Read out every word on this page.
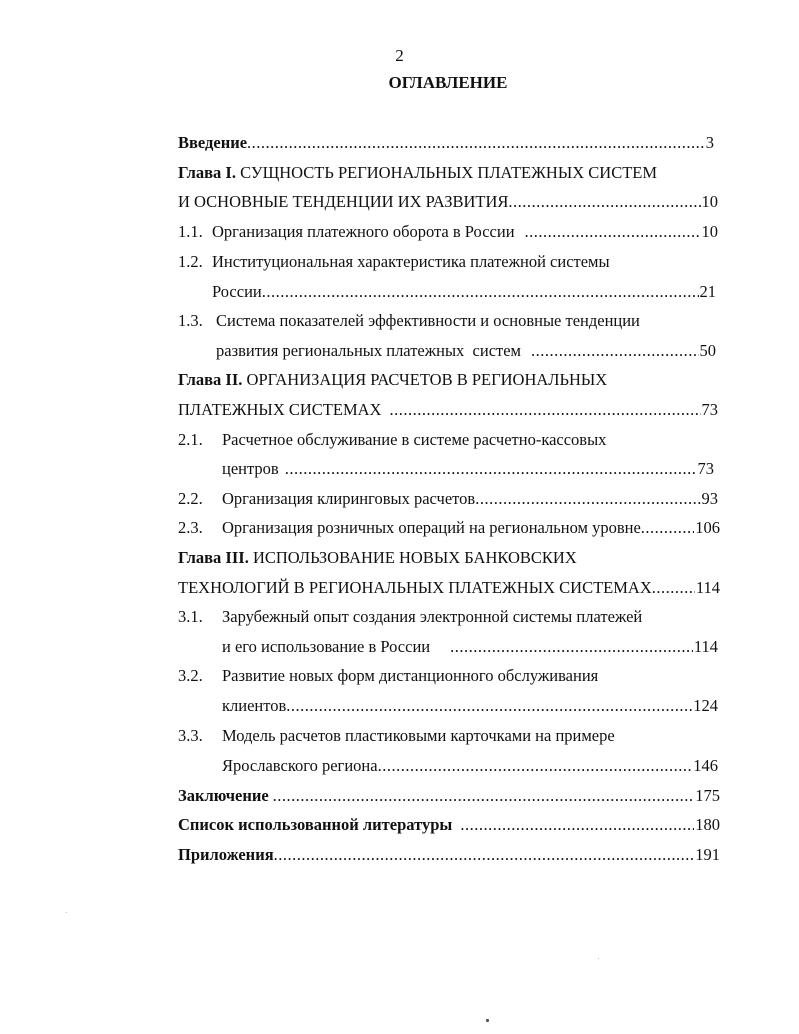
2
ОГЛАВЛЕНИЕ
Введение .....	3
Глава I. СУЩНОСТЬ РЕГИОНАЛЬНЫХ ПЛАТЕЖНЫХ СИСТЕМ
И ОСНОВНЫЕ ТЕНДЕНЦИИ ИХ РАЗВИТИЯ .....	10
1.1. Организация платежного оборота в России .....	10
1.2. Институциональная характеристика платежной системы
России .....	21
1.3. Система показателей эффективности и основные тенденции
развития региональных платежных  систем .....	50
Глава II. ОРГАНИЗАЦИЯ РАСЧЕТОВ В РЕГИОНАЛЬНЫХ
ПЛАТЕЖНЫХ СИСТЕМАХ .....	73
2.1.	Расчетное обслуживание в системе расчетно-кассовых
центров .....	73
2.2.	Организация клиринговых расчетов .....	93
2.3.	Организация розничных операций на региональном уровне .....	106
Глава III. ИСПОЛЬЗОВАНИЕ НОВЫХ БАНКОВСКИХ
ТЕХНОЛОГИЙ В РЕГИОНАЛЬНЫХ ПЛАТЕЖНЫХ СИСТЕМАХ .....	114
3.1.	Зарубежный опыт создания электронной системы платежей
и его использование в России .....	114
3.2.	Развитие новых форм дистанционного обслуживания
клиентов .....	124
3.3.	Модель расчетов пластиковыми карточками на примере
Ярославского региона .....	146
Заключение .....	175
Список использованной литературы .....	180
Приложения .....	191
